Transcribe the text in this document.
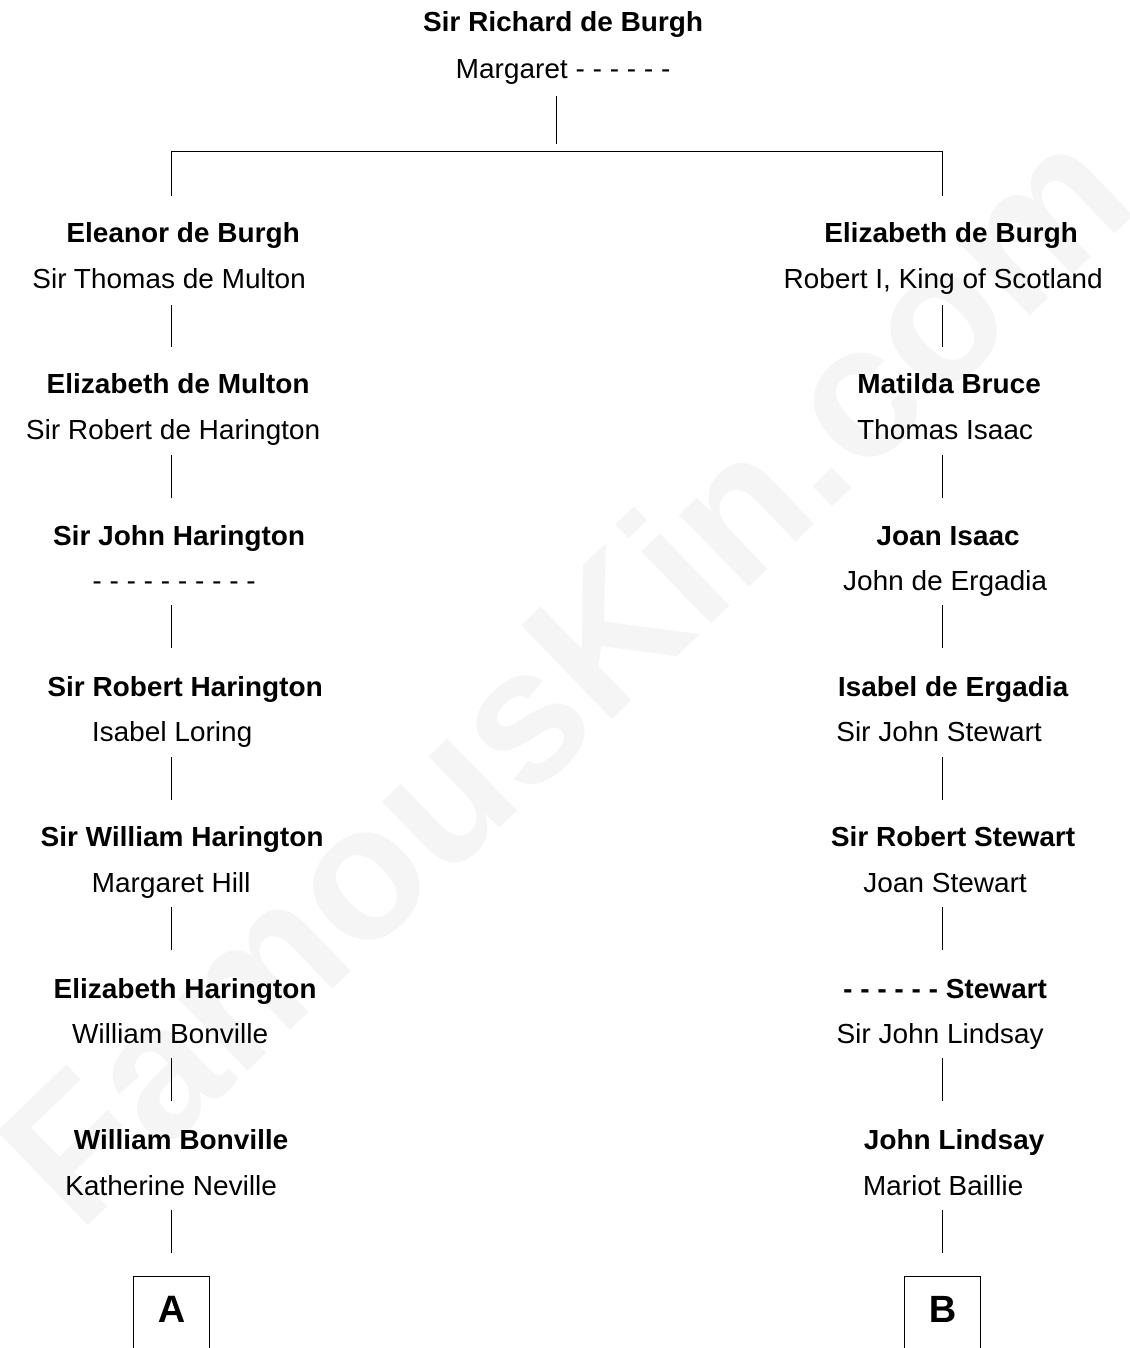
Sir Richard de Burgh
Margaret - - - - - -
Eleanor de Burgh
Sir Thomas de Multon
Elizabeth de Multon
Sir Robert de Harington
Sir John Harington
- - - - - - - - - -
Sir Robert Harington
Isabel Loring
Sir William Harington
Margaret Hill
Elizabeth Harington
William Bonville
William Bonville
Katherine Neville
Elizabeth de Burgh
Robert I, King of Scotland
Matilda Bruce
Thomas Isaac
Joan Isaac
John de Ergadia
Isabel de Ergadia
Sir John Stewart
Sir Robert Stewart
Joan Stewart
- - - - - - Stewart
Sir John Lindsay
John Lindsay
Mariot Baillie
A	B
